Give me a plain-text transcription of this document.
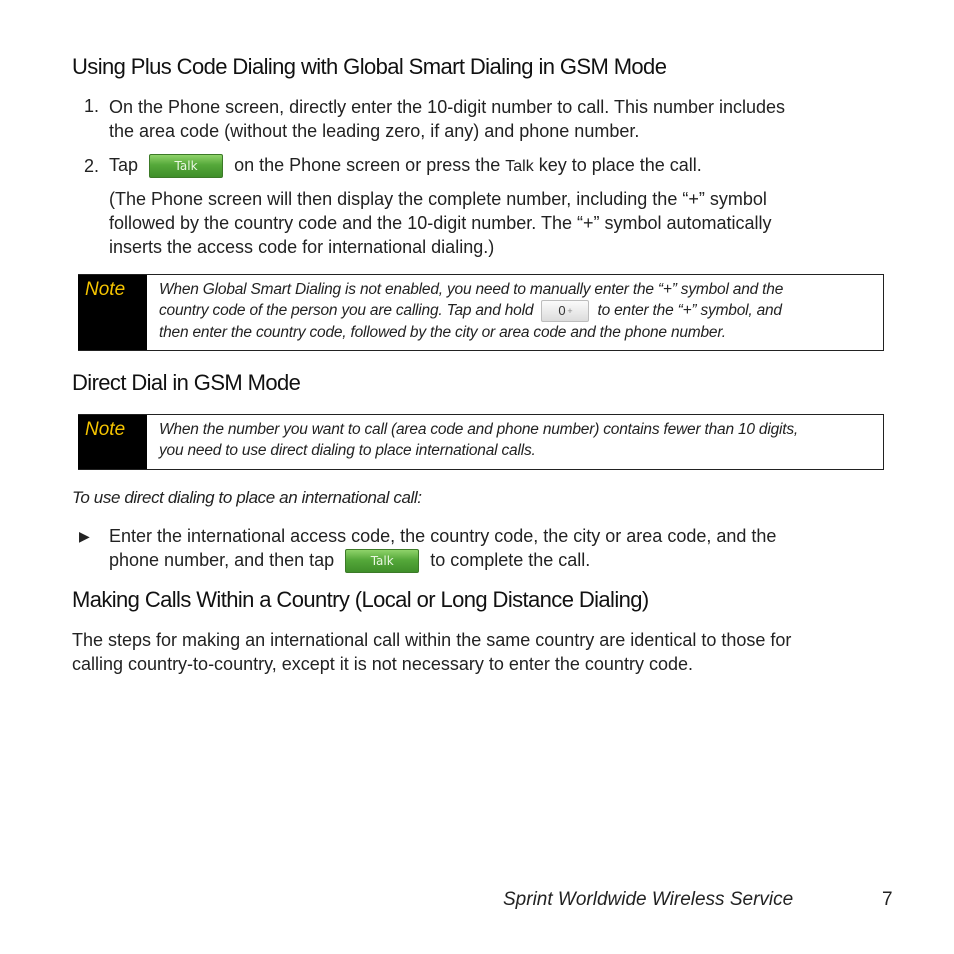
Using Plus Code Dialing with Global Smart Dialing in GSM Mode
1. On the Phone screen, directly enter the 10-digit number to call. This number includes
the area code (without the leading zero, if any) and phone number.
2. Tap	Talk on the Phone screen or press the Talk key to place the call.
(The Phone screen will then display the complete number, including the “+” symbol
followed by the country code and the 10-digit number. The “+” symbol automatically
inserts the access code for international dialing.)
Note	When Global Smart Dialing is not enabled, you need to manually enter the “+” symbol and the
country code of the person you are calling. Tap and hold 0 + to enter the “+” symbol, and
then enter the country code, followed by the city or area code and the phone number.
Direct Dial in GSM Mode
Note	When the number you want to call (area code and phone number) contains fewer than 10 digits,
you need to use direct dialing to place international calls.
To use direct dialing to place an international call:
▶ Enter the international access code, the country code, the city or area code, and the
phone number, and then tap	Talk to complete the call.
Making Calls Within a Country (Local or Long Distance Dialing)
The steps for making an international call within the same country are identical to those for
calling country-to-country, except it is not necessary to enter the country code.
Sprint Worldwide Wireless Service	7
